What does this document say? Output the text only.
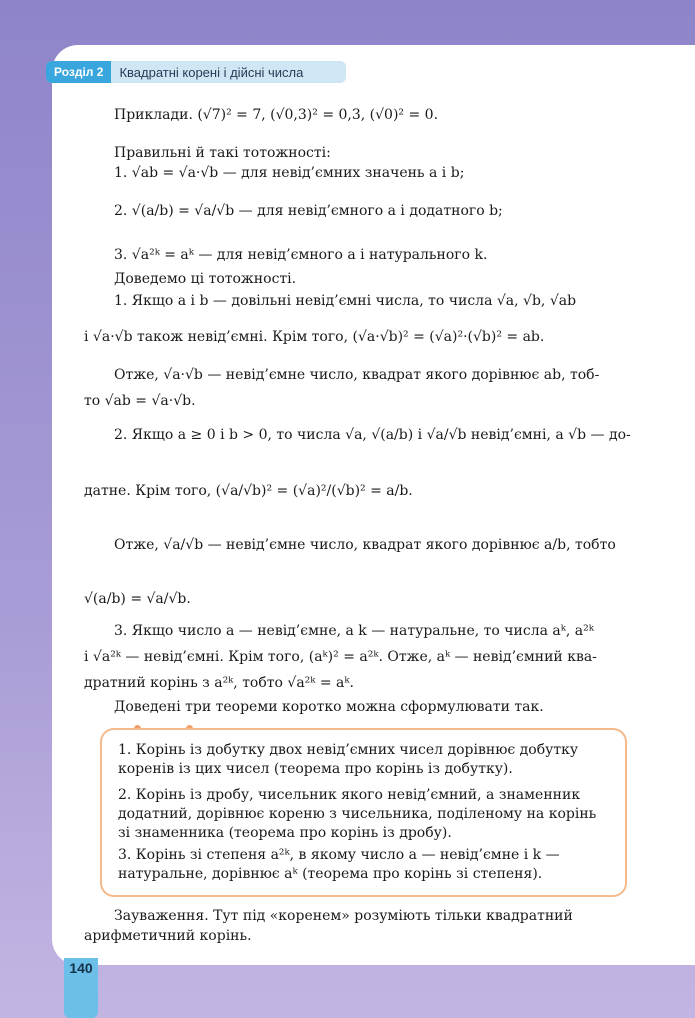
Розділ 2	Квадратні корені і дійсні числа
Приклади. (√7)² = 7, (√0,3)² = 0,3, (√0)² = 0.
Правильні й такі тотожності:
1. √ab = √a·√b — для невід’ємних значень a і b;
2. √(a/b) = √a/√b — для невід’ємного a і додатного b;
3. √a²ᵏ = aᵏ — для невід’ємного a і натурального k.
Доведемо ці тотожності.
1. Якщо a і b — довільні невід’ємні числа, то числа √a, √b, √ab
і √a·√b також невід’ємні. Крім того, (√a·√b)² = (√a)²·(√b)² = ab.
Отже, √a·√b — невід’ємне число, квадрат якого дорівнює ab, тоб-
то √ab = √a·√b.
2. Якщо a ≥ 0 і b > 0, то числа √a, √(a/b) і √a/√b невід’ємні, а √b — до-
датне. Крім того, (√a/√b)² = (√a)²/(√b)² = a/b.
Отже, √a/√b — невід’ємне число, квадрат якого дорівнює a/b, тобто
√(a/b) = √a/√b.
3. Якщо число a — невід’ємне, а k — натуральне, то числа aᵏ, a²ᵏ
і √a²ᵏ — невід’ємні. Крім того, (aᵏ)² = a²ᵏ. Отже, aᵏ — невід’ємний ква-
дратний корінь з a²ᵏ, тобто √a²ᵏ = aᵏ.
Доведені три теореми коротко можна сформулювати так.
1. Корінь із добутку двох невід’ємних чисел дорівнює добутку коренів із цих чисел (теорема про корінь із добутку).
2. Корінь із дробу, чисельник якого невід’ємний, а знаменник додатний, дорівнює кореню з чисельника, поділеному на корінь зі знаменника (теорема про корінь із дробу).
3. Корінь зі степеня a²ᵏ, в якому число a — невід’ємне і k — натуральне, дорівнює aᵏ (теорема про корінь зі степеня).
Зауваження. Тут під «коренем» розуміють тільки квадратний арифметичний корінь.
140
